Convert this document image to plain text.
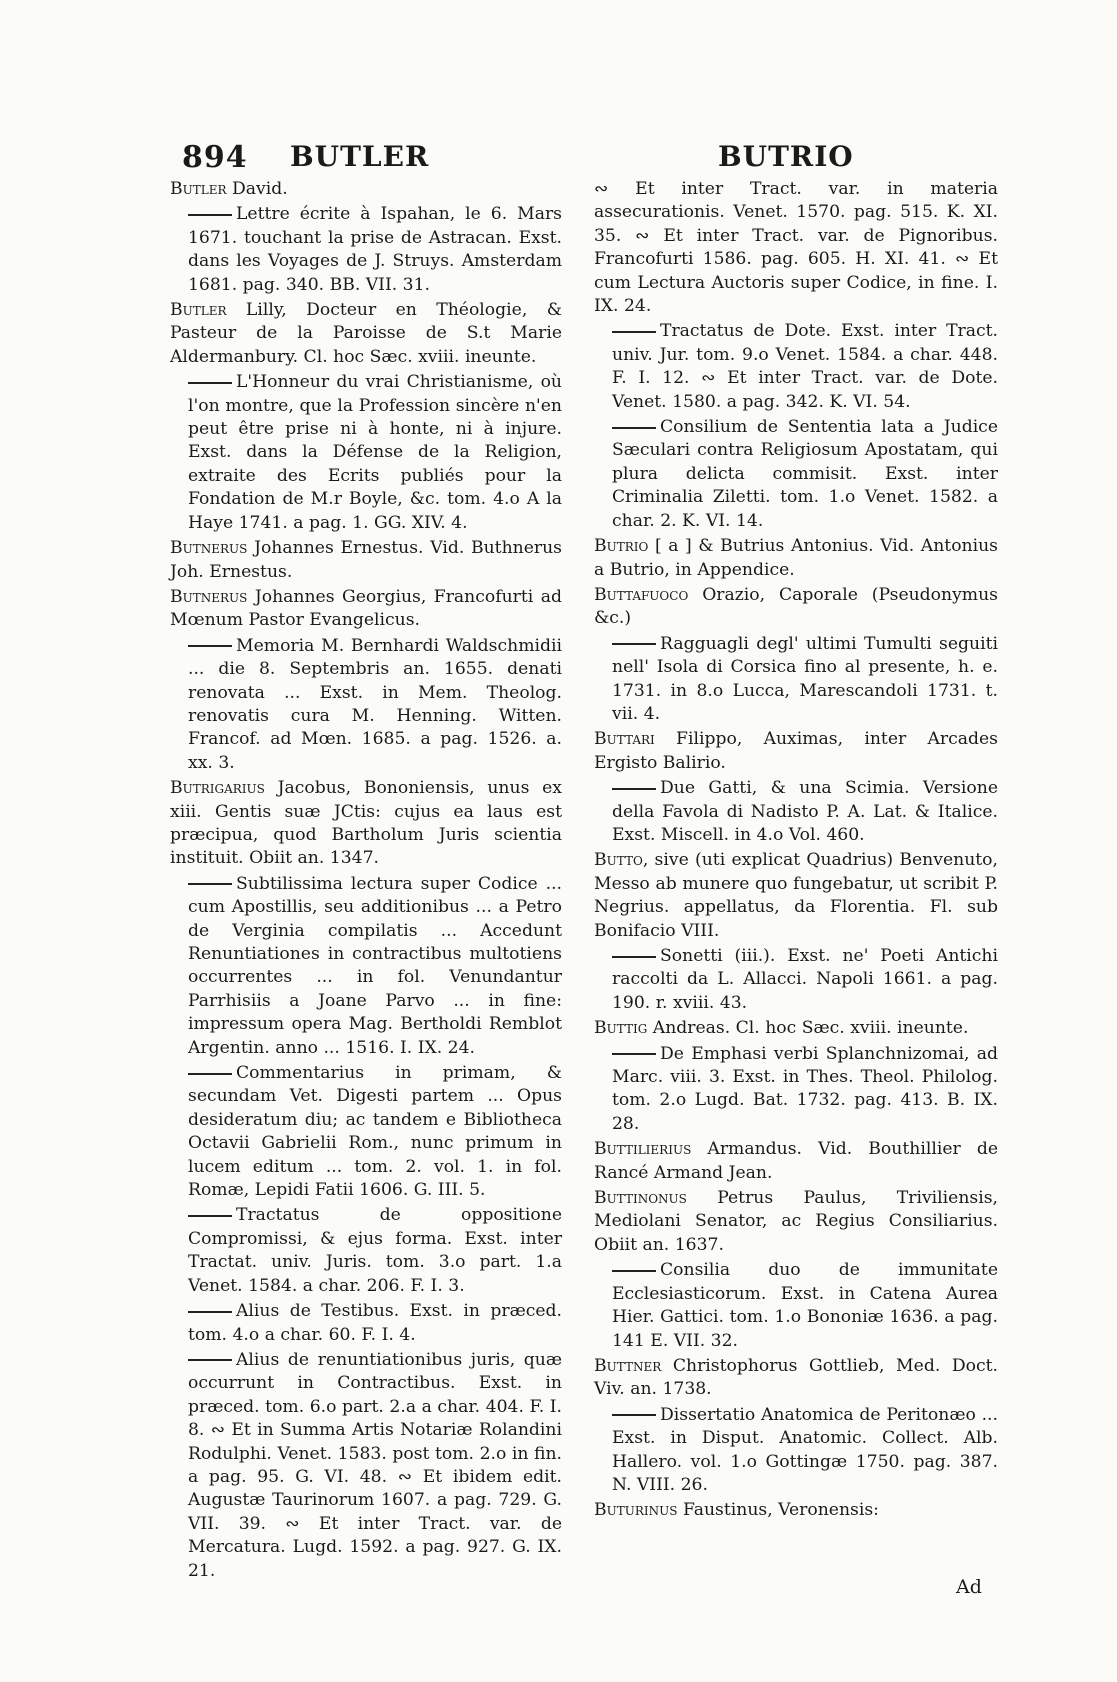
894 BUTLER	BUTRIO
Butler David.
Lettre écrite à Ispahan, le 6. Mars 1671. touchant la prise de Astracan. Exst. dans les Voyages de J. Struys. Amsterdam 1681. pag. 340. BB. VII. 31.
Butler Lilly, Docteur en Théologie, & Pasteur de la Paroisse de S.t Marie Aldermanbury. Cl. hoc Sæc. xviii. ineunte.
L'Honneur du vrai Christianisme, où l'on montre, que la Profession sincère n'en peut être prise ni à honte, ni à injure. Exst. dans la Défense de la Religion, extraite des Ecrits publiés pour la Fondation de M.r Boyle, &c. tom. 4.o A la Haye 1741. a pag. 1. GG. XIV. 4.
Butnerus Johannes Ernestus. Vid. Buthnerus Joh. Ernestus.
Butnerus Johannes Georgius, Francofurti ad Mœnum Pastor Evangelicus.
Memoria M. Bernhardi Waldschmidii ... die 8. Septembris an. 1655. denati renovata ... Exst. in Mem. Theolog. renovatis cura M. Henning. Witten. Francof. ad Mœn. 1685. a pag. 1526. a. xx. 3.
Butrigarius Jacobus, Bononiensis, unus ex xiii. Gentis suæ JCtis: cujus ea laus est præcipua, quod Bartholum Juris scientia instituit. Obiit an. 1347.
Subtilissima lectura super Codice ... cum Apostillis, seu additionibus ... a Petro de Verginia compilatis ... Accedunt Renuntiationes in contractibus multotiens occurrentes ... in fol. Venundantur Parrhisiis a Joane Parvo ... in fine: impressum opera Mag. Bertholdi Remblot Argentin. anno ... 1516. I. IX. 24.
Commentarius in primam, & secundam Vet. Digesti partem ... Opus desideratum diu; ac tandem e Bibliotheca Octavii Gabrielii Rom., nunc primum in lucem editum ... tom. 2. vol. 1. in fol. Romæ, Lepidi Fatii 1606. G. III. 5.
Tractatus de oppositione Compromissi, & ejus forma. Exst. inter Tractat. univ. Juris. tom. 3.o part. 1.a Venet. 1584. a char. 206. F. I. 3.
Alius de Testibus. Exst. in præced. tom. 4.o a char. 60. F. I. 4.
Alius de renuntiationibus juris, quæ occurrunt in Contractibus. Exst. in præced. tom. 6.o part. 2.a a char. 404. F. I. 8. ∾ Et in Summa Artis Notariæ Rolandini Rodulphi. Venet. 1583. post tom. 2.o in fin. a pag. 95. G. VI. 48. ∾ Et ibidem edit. Augustæ Taurinorum 1607. a pag. 729. G. VII. 39. ∾ Et inter Tract. var. de Mercatura. Lugd. 1592. a pag. 927. G. IX. 21.
∾ Et inter Tract. var. in materia assecurationis. Venet. 1570. pag. 515. K. XI. 35. ∾ Et inter Tract. var. de Pignoribus. Francofurti 1586. pag. 605. H. XI. 41. ∾ Et cum Lectura Auctoris super Codice, in fine. I. IX. 24.
Tractatus de Dote. Exst. inter Tract. univ. Jur. tom. 9.o Venet. 1584. a char. 448. F. I. 12. ∾ Et inter Tract. var. de Dote. Venet. 1580. a pag. 342. K. VI. 54.
Consilium de Sententia lata a Judice Sæculari contra Religiosum Apostatam, qui plura delicta commisit. Exst. inter Criminalia Ziletti. tom. 1.o Venet. 1582. a char. 2. K. VI. 14.
Butrio [ a ] & Butrius Antonius. Vid. Antonius a Butrio, in Appendice.
Buttafuoco Orazio, Caporale (Pseudonymus &c.)
Ragguagli degl' ultimi Tumulti seguiti nell' Isola di Corsica fino al presente, h. e. 1731. in 8.o Lucca, Marescandoli 1731. t. vii. 4.
Buttari Filippo, Auximas, inter Arcades Ergisto Balirio.
Due Gatti, & una Scimia. Versione della Favola di Nadisto P. A. Lat. & Italice. Exst. Miscell. in 4.o Vol. 460.
Butto, sive (uti explicat Quadrius) Benvenuto, Messo ab munere quo fungebatur, ut scribit P. Negrius. appellatus, da Florentia. Fl. sub Bonifacio VIII.
Sonetti (iii.). Exst. ne' Poeti Antichi raccolti da L. Allacci. Napoli 1661. a pag. 190. r. xviii. 43.
Buttig Andreas. Cl. hoc Sæc. xviii. ineunte.
De Emphasi verbi Splanchnizomai, ad Marc. viii. 3. Exst. in Thes. Theol. Philolog. tom. 2.o Lugd. Bat. 1732. pag. 413. B. IX. 28.
Buttilierius Armandus. Vid. Bouthillier de Rancé Armand Jean.
Buttinonus Petrus Paulus, Triviliensis, Mediolani Senator, ac Regius Consiliarius. Obiit an. 1637.
Consilia duo de immunitate Ecclesiasticorum. Exst. in Catena Aurea Hier. Gattici. tom. 1.o Bononiæ 1636. a pag. 141 E. VII. 32.
Buttner Christophorus Gottlieb, Med. Doct. Viv. an. 1738.
Dissertatio Anatomica de Peritonæo ... Exst. in Disput. Anatomic. Collect. Alb. Hallero. vol. 1.o Gottingæ 1750. pag. 387. N. VIII. 26.
Buturinus Faustinus, Veronensis:
Ad
